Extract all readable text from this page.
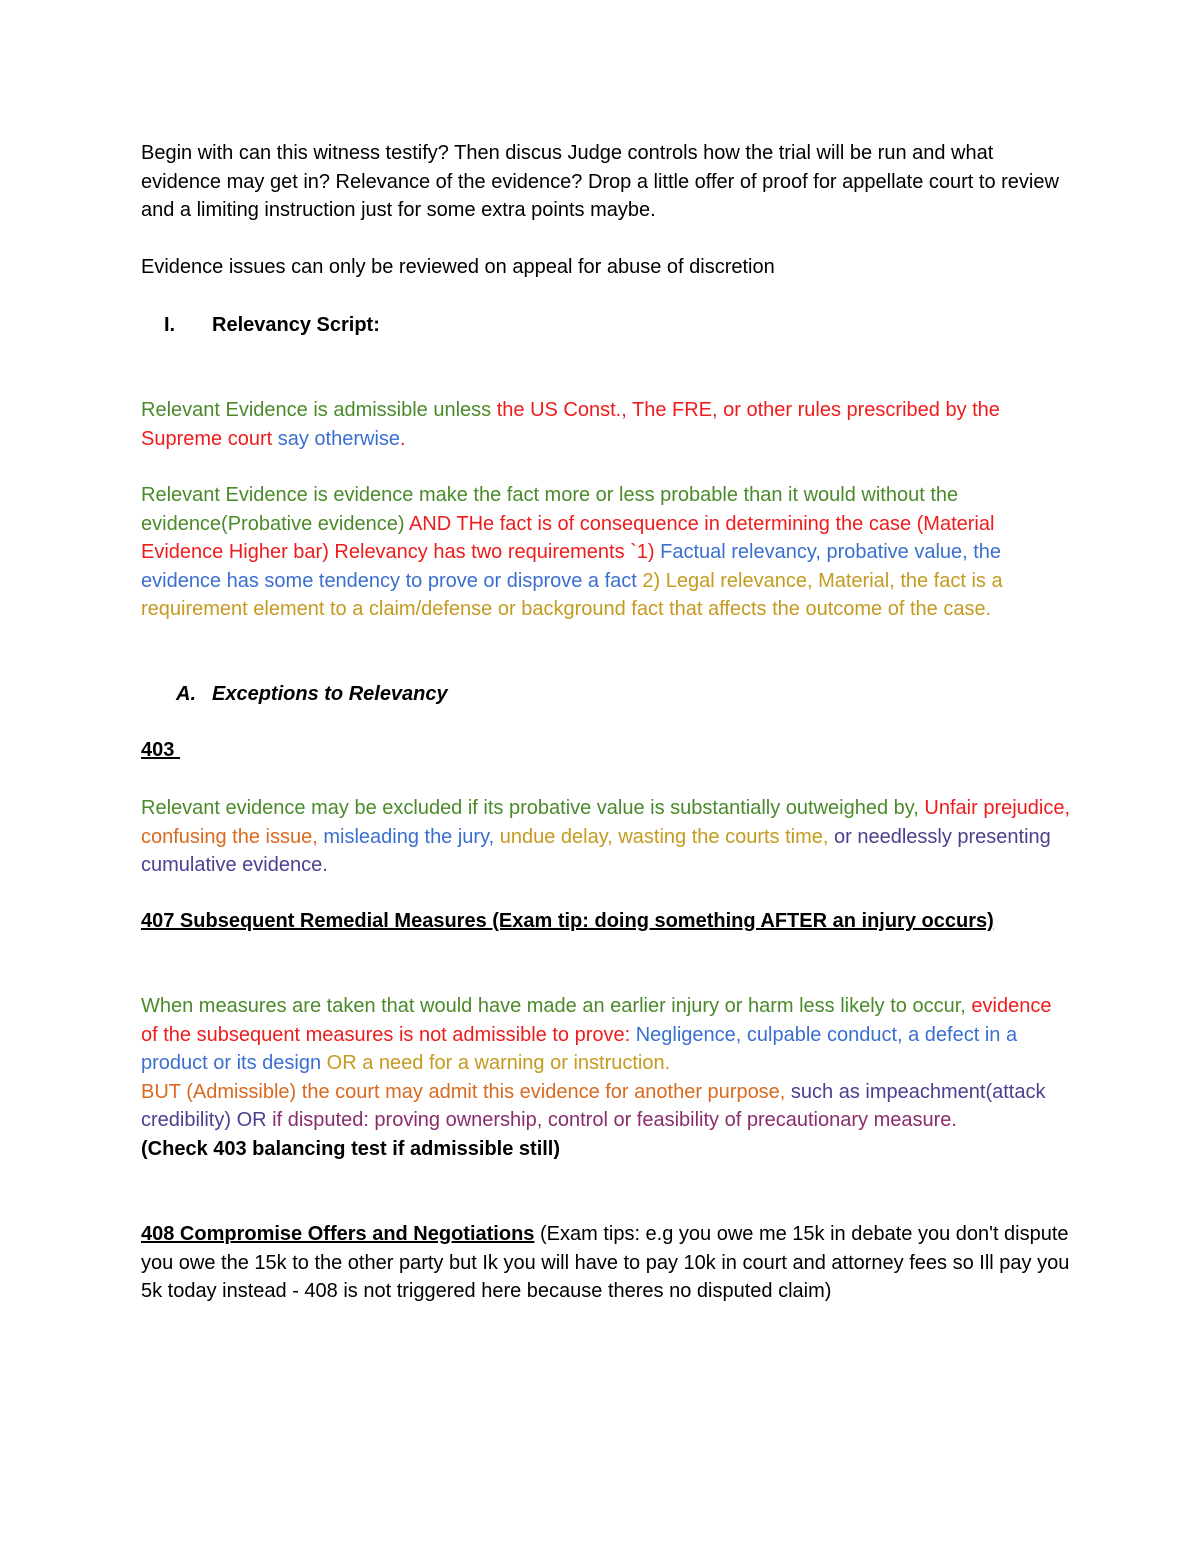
Begin with can this witness testify? Then discus Judge controls how the trial will be run and what evidence may get in? Relevance of the evidence? Drop a little offer of proof for appellate court to review and a limiting instruction just for some extra points maybe.

Evidence issues can only be reviewed on appeal for abuse of discretion

I. Relevancy Script:

Relevant Evidence is admissible unless the US Const., The FRE, or other rules prescribed by the Supreme court say otherwise.

Relevant Evidence is evidence make the fact more or less probable than it would without the evidence(Probative evidence) AND THe fact is of consequence in determining the case (Material Evidence Higher bar) Relevancy has two requirements `1) Factual relevancy, probative value, the evidence has some tendency to prove or disprove a fact 2) Legal relevance, Material, the fact is a requirement element to a claim/defense or background fact that affects the outcome of the case.

A. Exceptions to Relevancy

403

Relevant evidence may be excluded if its probative value is substantially outweighed by, Unfair prejudice, confusing the issue, misleading the jury, undue delay, wasting the courts time, or needlessly presenting cumulative evidence.

407 Subsequent Remedial Measures (Exam tip: doing something AFTER an injury occurs)

When measures are taken that would have made an earlier injury or harm less likely to occur, evidence of the subsequent measures is not admissible to prove: Negligence, culpable conduct, a defect in a product or its design OR a need for a warning or instruction.
BUT (Admissible) the court may admit this evidence for another purpose, such as impeachment(attack credibility) OR if disputed: proving ownership, control or feasibility of precautionary measure.
(Check 403 balancing test if admissible still)

408 Compromise Offers and Negotiations (Exam tips: e.g you owe me 15k in debate you don't dispute you owe the 15k to the other party but Ik you will have to pay 10k in court and attorney fees so Ill pay you 5k today instead - 408 is not triggered here because theres no disputed claim)
